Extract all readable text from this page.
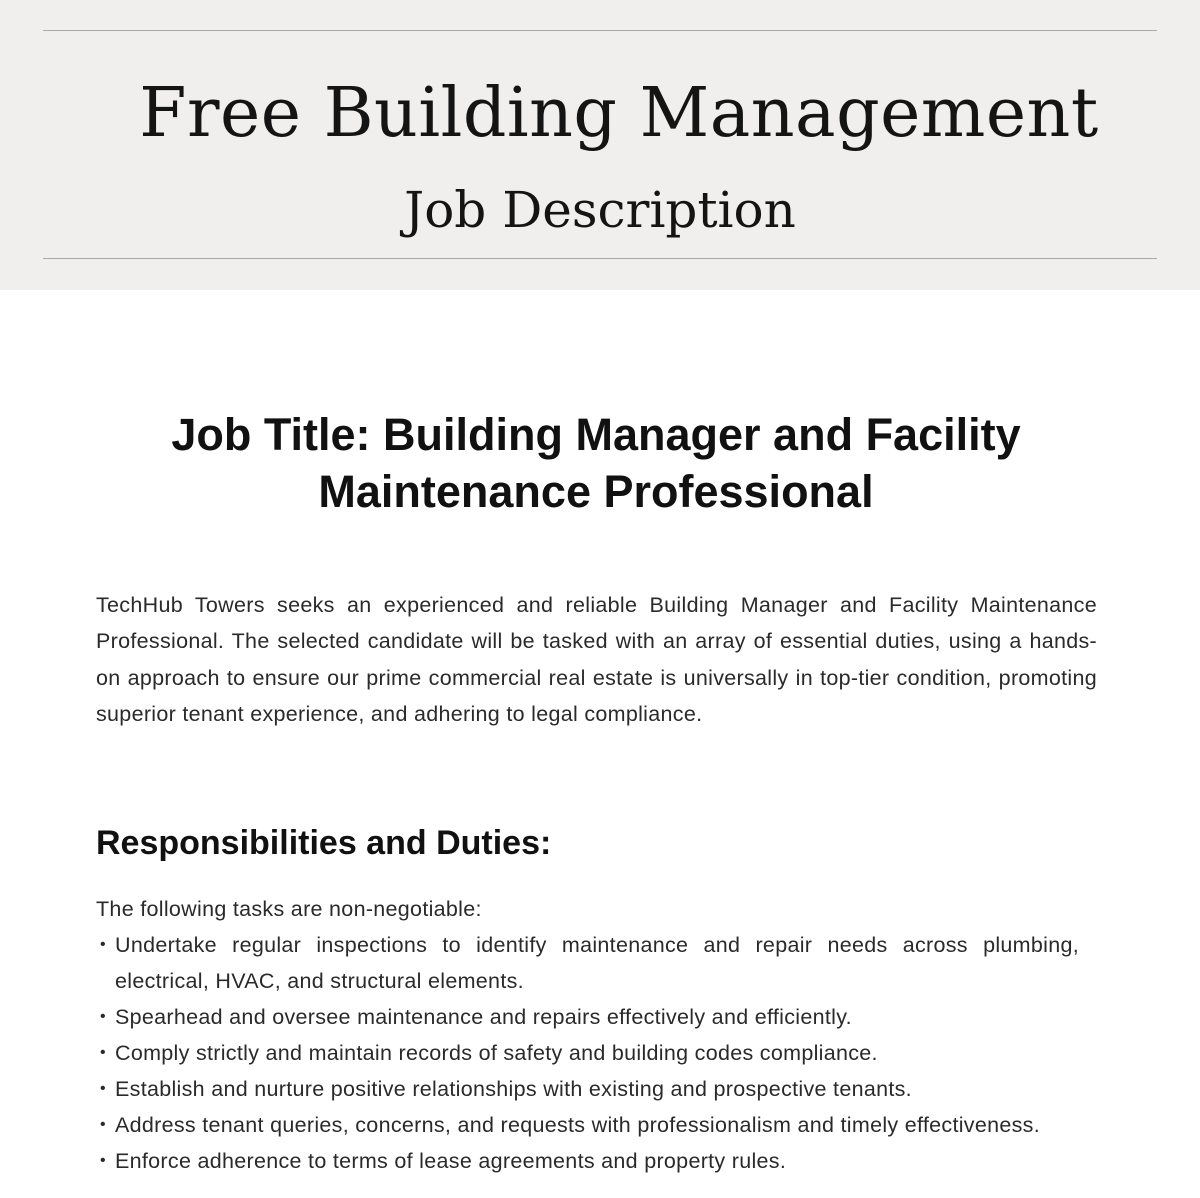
Free Building Management
Job Description
Job Title: Building Manager and Facility Maintenance Professional

TechHub Towers seeks an experienced and reliable Building Manager and Facility Maintenance Professional. The selected candidate will be tasked with an array of essential duties, using a hands-on approach to ensure our prime commercial real estate is universally in top-tier condition, promoting superior tenant experience, and adhering to legal compliance.

Responsibilities and Duties:

The following tasks are non-negotiable:

• Undertake regular inspections to identify maintenance and repair needs across plumbing, electrical, HVAC, and structural elements.
• Spearhead and oversee maintenance and repairs effectively and efficiently.
• Comply strictly and maintain records of safety and building codes compliance.
• Establish and nurture positive relationships with existing and prospective tenants.
• Address tenant queries, concerns, and requests with professionalism and timely effectiveness.
• Enforce adherence to terms of lease agreements and property rules.
